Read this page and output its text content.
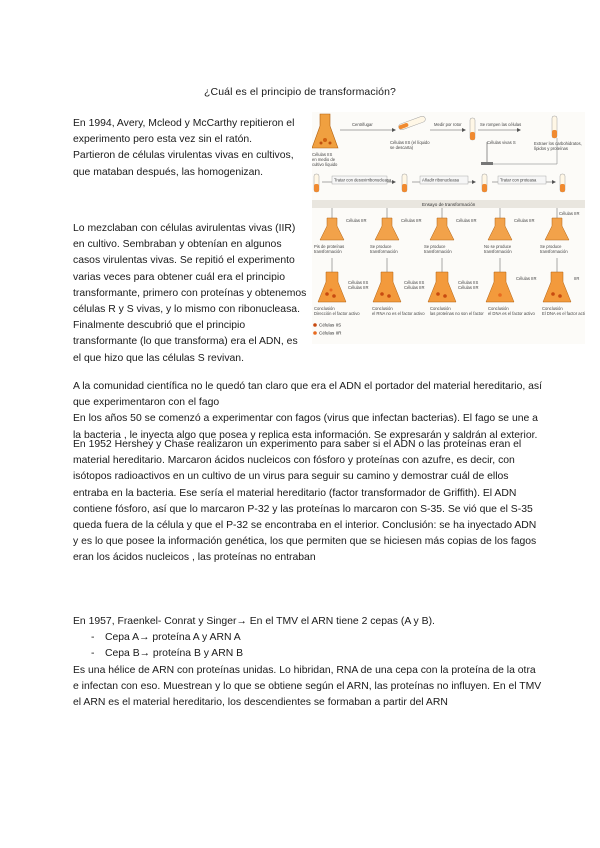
¿Cuál es el principio de transformación?
En 1994, Avery, Mcleod y McCarthy repitieron el experimento pero esta vez sin el ratón.
Partieron de células virulentas vivas en cultivos, que mataban después, las homogenizan.
Lo mezclaban con células avirulentas vivas (IIR) en cultivo. Sembraban y obtenían en algunos casos virulentas vivas. Se repitió el experimento varias veces para obtener cuál era el principio transformante, primero con proteínas y obtenemos células R y S vivas, y lo mismo con ribonucleasa. Finalmente descubrió que el principio transformante (lo que transforma) era el ADN, es el que hizo que las células S revivan.
Células IIS
en medio de
cultivo líquido
Centrifugar
Células IIS (el líquido
se descarta)
Medir por rotor	Se rompen las células
Células vivas S	Extraer los carbohidratos,
lípidos y proteínas
Tratar con desoxirribonucleasa	Añadir ribonucleasa	Tratar con proteasa
Ensayo de transformación
Células IIR	Células IIR	Células IIR	Células IIR
Células IIR
Pis de proteínas
transformación
Se produce
transformación
Se produce
transformación
No se produce
transformación
Se produce
transformación
Células IIS
Células IIR
Células IIS
Células IIR
Células IIS
Células IIR
Células IIR	IIR
Conclusión
Dirección el factor activo
Conclusión
el RNA no es el factor activo
Conclusión
las proteínas no son el factor
Conclusión
el DNA es el factor activo
Conclusión
El DNA es el factor activo
Células IIS
Células IIR
A la comunidad científica no le quedó tan claro que era el ADN el portador del material hereditario, así que experimentaron con el fago
En los años 50 se comenzó a experimentar con fagos (virus que infectan bacterias). El fago se une a la bacteria , le inyecta algo que posea y replica esta información. Se expresarán y saldrán al exterior.
En 1952 Hershey y Chase realizaron un experimento para saber si el ADN o las proteínas eran el material hereditario. Marcaron ácidos nucleicos con fósforo y proteínas con azufre, es decir, con isótopos radioactivos en un cultivo de un virus para seguir su camino y demostrar cuál de ellos entraba en la bacteria. Ese sería el material hereditario (factor transformador de Griffith). El ADN contiene fósforo, así que lo marcaron P-32 y las proteínas lo marcaron con S-35. Se vió que el S-35 queda fuera de la célula y que el P-32 se encontraba en el interior. Conclusión: se ha inyectado ADN y es lo que posee la información genética, los que permiten que se hiciesen más copias de los fagos eran los ácidos nucleicos , las proteínas no entraban
En 1957, Fraenkel- Conrat y Singer→ En el TMV el ARN tiene 2 cepas (A y B).
- Cepa A→ proteína A y ARN A
- Cepa B→ proteína B y ARN B
Es una hélice de ARN con proteínas unidas. Lo hibridan, RNA de una cepa con la proteína de la otra e infectan con eso. Muestrean y lo que se obtiene según el ARN, las proteínas no influyen. En el TMV el ARN es el material hereditario, los descendientes se formaban a partir del ARN
